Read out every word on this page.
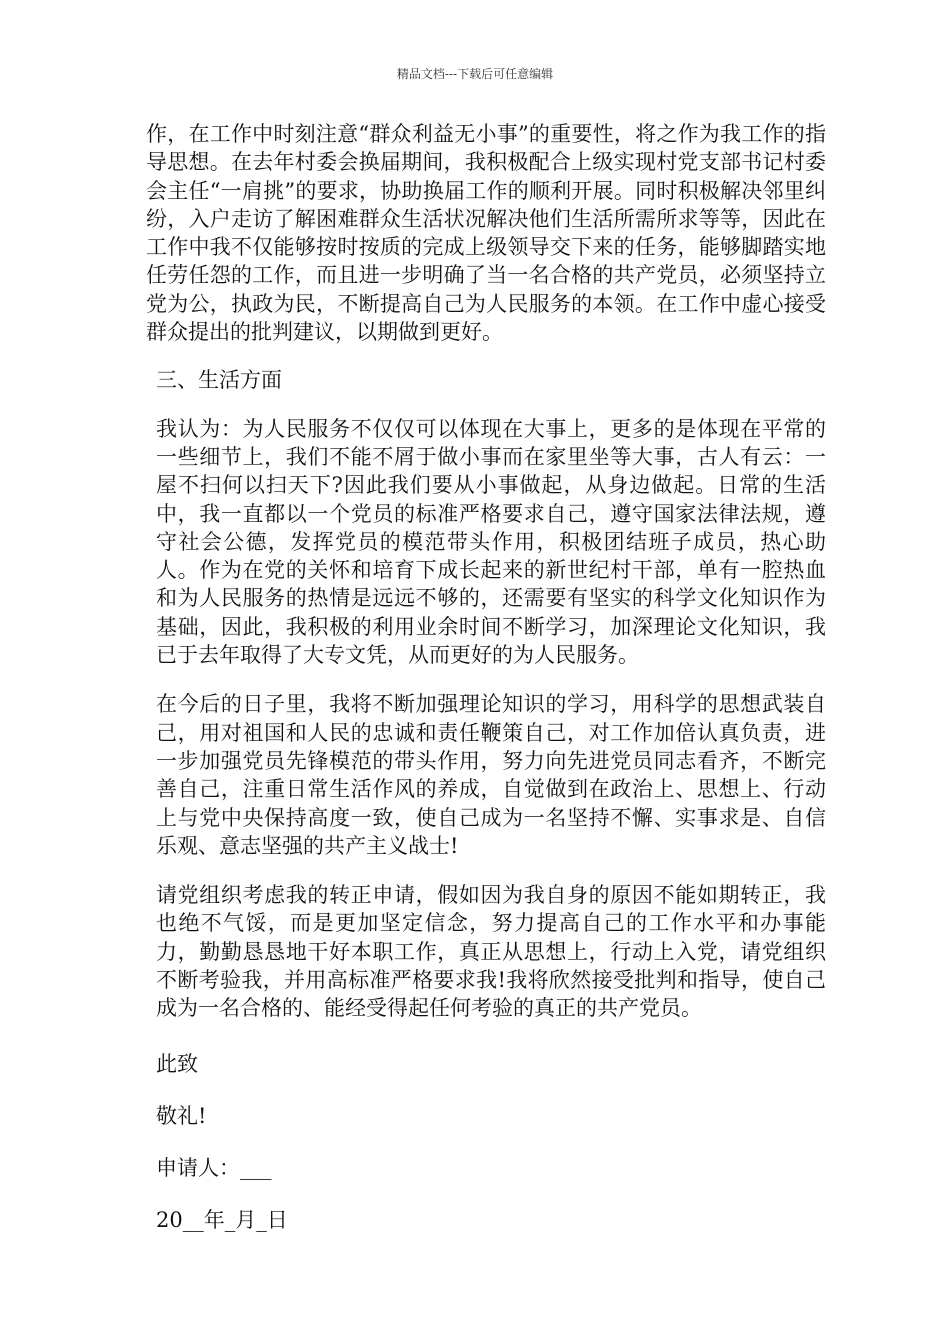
精品文档---下载后可任意编辑

作，在工作中时刻注意“群众利益无小事”的重要性，将之作为我工作的指导思想。在去年村委会换届期间，我积极配合上级实现村党支部书记村委会主任“一肩挑”的要求，协助换届工作的顺利开展。同时积极解决邻里纠纷，入户走访了解困难群众生活状况解决他们生活所需所求等等，因此在工作中我不仅能够按时按质的完成上级领导交下来的任务，能够脚踏实地任劳任怨的工作，而且进一步明确了当一名合格的共产党员，必须坚持立党为公，执政为民，不断提高自己为人民服务的本领。在工作中虚心接受群众提出的批判建议，以期做到更好。

三、生活方面

我认为：为人民服务不仅仅可以体现在大事上，更多的是体现在平常的一些细节上，我们不能不屑于做小事而在家里坐等大事，古人有云：一屋不扫何以扫天下?因此我们要从小事做起，从身边做起。日常的生活中，我一直都以一个党员的标准严格要求自己，遵守国家法律法规，遵守社会公德，发挥党员的模范带头作用，积极团结班子成员，热心助人。作为在党的关怀和培育下成长起来的新世纪村干部，单有一腔热血和为人民服务的热情是远远不够的，还需要有坚实的科学文化知识作为基础，因此，我积极的利用业余时间不断学习，加深理论文化知识，我已于去年取得了大专文凭，从而更好的为人民服务。

在今后的日子里，我将不断加强理论知识的学习，用科学的思想武装自己，用对祖国和人民的忠诚和责任鞭策自己，对工作加倍认真负责，进一步加强党员先锋模范的带头作用，努力向先进党员同志看齐，不断完善自己，注重日常生活作风的养成，自觉做到在政治上、思想上、行动上与党中央保持高度一致，使自己成为一名坚持不懈、实事求是、自信乐观、意志坚强的共产主义战士!

请党组织考虑我的转正申请，假如因为我自身的原因不能如期转正，我也绝不气馁，而是更加坚定信念，努力提高自己的工作水平和办事能力，勤勤恳恳地干好本职工作，真正从思想上，行动上入党，请党组织不断考验我，并用高标准严格要求我!我将欣然接受批判和指导，使自己成为一名合格的、能经受得起任何考验的真正的共产党员。

此致

敬礼!

申请人：___

20__年_月_日
